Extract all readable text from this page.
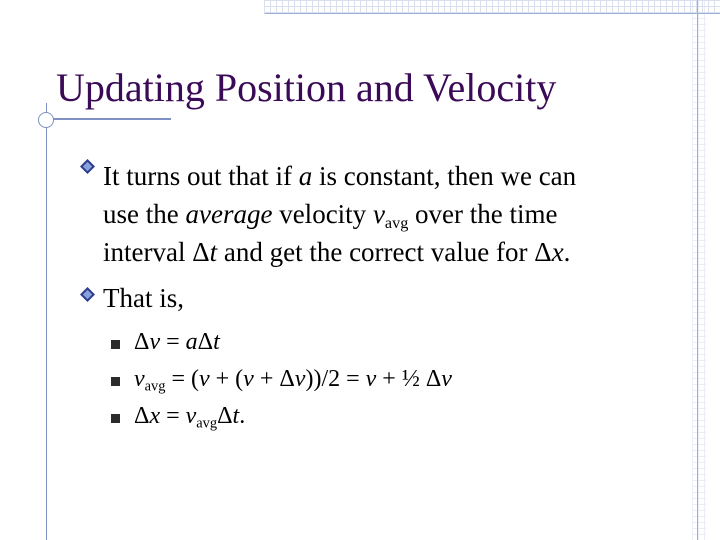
Updating Position and Velocity
It turns out that if a is constant, then we can
use the average velocity $v_{avg}$ over the time
interval Δt and get the correct value for Δx.
That is,
Δv = aΔt
$v_{avg} = (v + (v + \Delta v))/2 = v$ + ½ Δv
$\Delta x = v_{avg}\Delta t$.
